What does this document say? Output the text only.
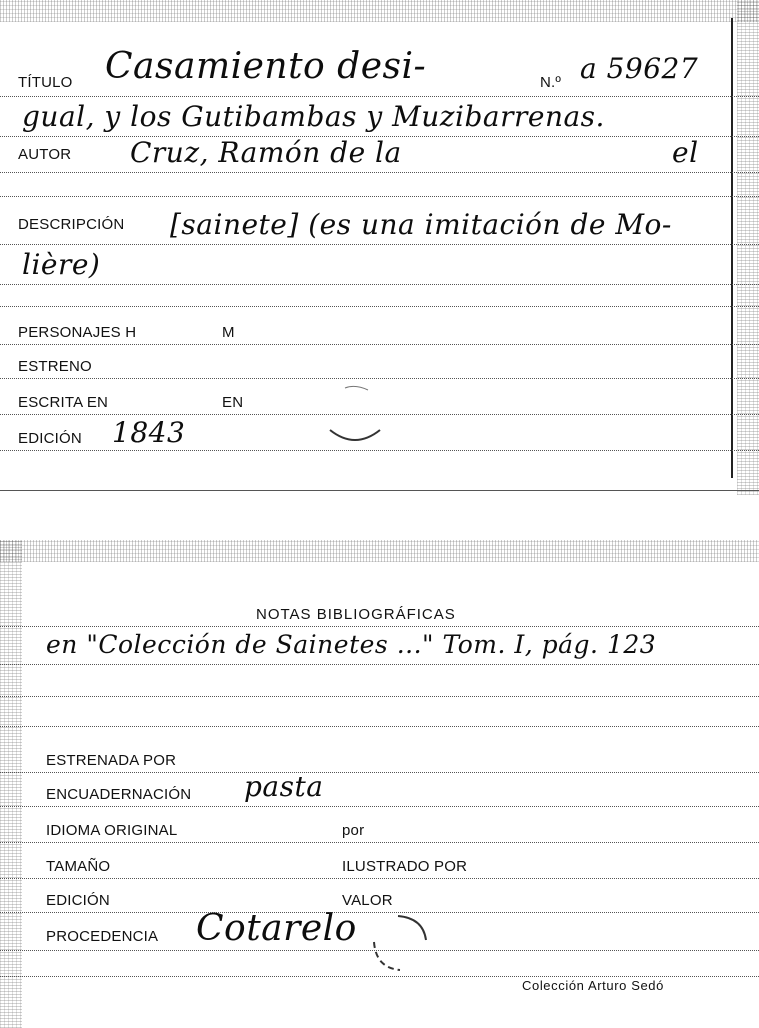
TÍTULO Casamiento desi-	N.º a 59627
gual, y los Gutibambas y Muzibarrenas.
AUTOR Cruz, Ramón de la	el
DESCRIPCIÓN [sainete] (es una imitación de Mo-
lière)
PERSONAJES H	M
ESTRENO
ESCRITA EN	EN
EDICIÓN 1843
NOTAS BIBLIOGRÁFICAS
en "Colección de Sainetes ..." Tom. I, pág. 123
ESTRENADA POR
ENCUADERNACIÓN pasta
IDIOMA ORIGINAL	por
TAMAÑO	ILUSTRADO POR
EDICIÓN	VALOR
PROCEDENCIA Cotarelo
Colección Arturo Sedó
